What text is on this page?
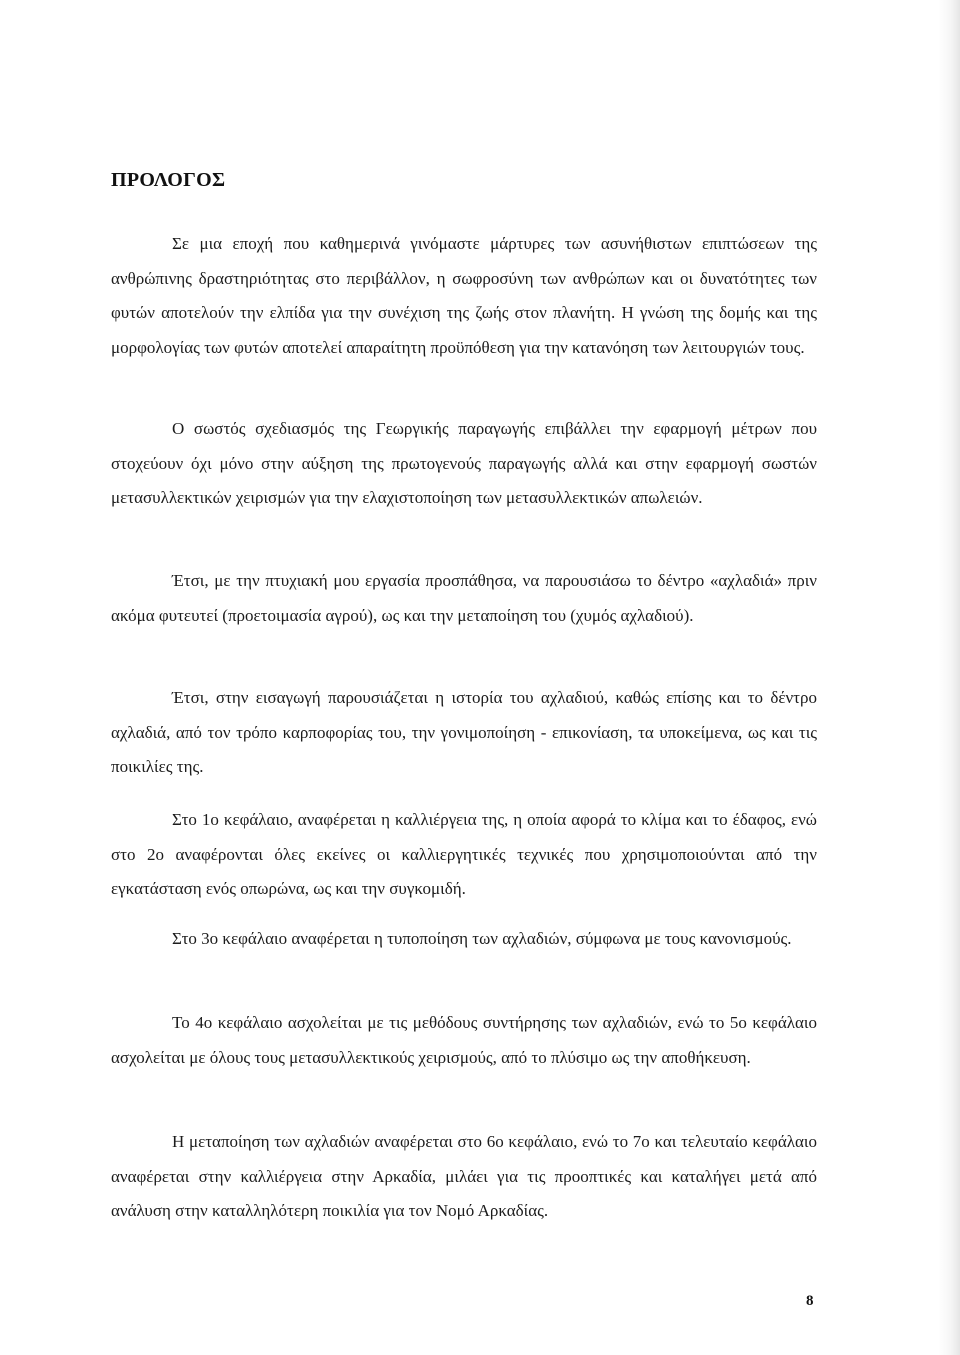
ΠΡΟΛΟΓΟΣ

Σε μια εποχή που καθημερινά γινόμαστε μάρτυρες των ασυνήθιστων επιπτώσεων της ανθρώπινης δραστηριότητας στο περιβάλλον, η σωφροσύνη των ανθρώπων και οι δυνατότητες των φυτών αποτελούν την ελπίδα για την συνέχιση της ζωής στον πλανήτη. Η γνώση της δομής και της μορφολογίας των φυτών αποτελεί απαραίτητη προϋπόθεση για την κατανόηση των λειτουργιών τους.

Ο σωστός σχεδιασμός της Γεωργικής παραγωγής επιβάλλει την εφαρμογή μέτρων που στοχεύουν όχι μόνο στην αύξηση της πρωτογενούς παραγωγής αλλά και στην εφαρμογή σωστών μετασυλλεκτικών χειρισμών για την ελαχιστοποίηση των μετασυλλεκτικών απωλειών.

Έτσι, με την πτυχιακή μου εργασία προσπάθησα, να παρουσιάσω το δέντρο «αχλαδιά» πριν ακόμα φυτευτεί (προετοιμασία αγρού), ως και την μεταποίηση του (χυμός αχλαδιού).

Έτσι, στην εισαγωγή παρουσιάζεται η ιστορία του αχλαδιού, καθώς επίσης και το δέντρο αχλαδιά, από τον τρόπο καρποφορίας του, την γονιμοποίηση - επικονίαση, τα υποκείμενα, ως και τις ποικιλίες της.

Στο 1ο κεφάλαιο, αναφέρεται η καλλιέργεια της, η οποία αφορά το κλίμα και το έδαφος, ενώ στο 2ο αναφέρονται όλες εκείνες οι καλλιεργητικές τεχνικές που χρησιμοποιούνται από την εγκατάσταση ενός οπωρώνα, ως και την συγκομιδή.

Στο 3ο κεφάλαιο αναφέρεται η τυποποίηση των αχλαδιών, σύμφωνα με τους κανονισμούς.

Το 4ο κεφάλαιο ασχολείται με τις μεθόδους συντήρησης των αχλαδιών, ενώ το 5ο κεφάλαιο ασχολείται με όλους τους μετασυλλεκτικούς χειρισμούς, από το πλύσιμο ως την αποθήκευση.

Η μεταποίηση των αχλαδιών αναφέρεται στο 6ο κεφάλαιο, ενώ το 7ο και τελευταίο κεφάλαιο αναφέρεται στην καλλιέργεια στην Αρκαδία, μιλάει για τις προοπτικές και καταλήγει μετά από ανάλυση στην καταλληλότερη ποικιλία για τον Νομό Αρκαδίας.

8
